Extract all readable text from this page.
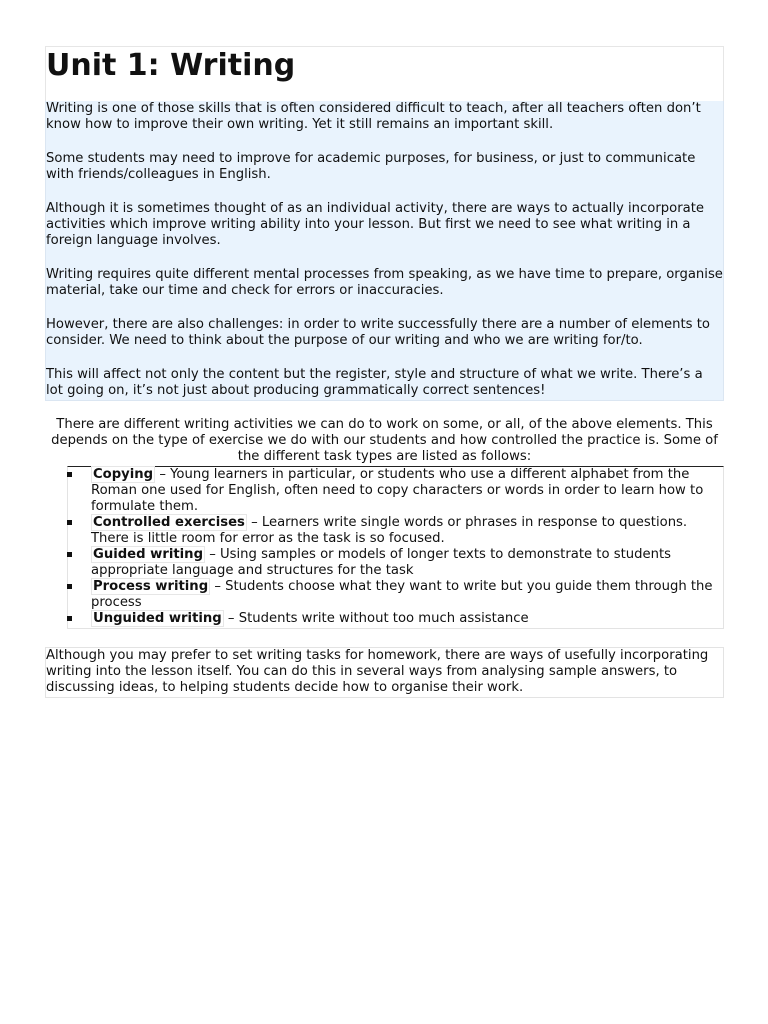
Unit 1: Writing

Writing is one of those skills that is often considered difficult to teach, after all teachers often don’t know how to improve their own writing. Yet it still remains an important skill.

Some students may need to improve for academic purposes, for business, or just to communicate with friends/colleagues in English.

Although it is sometimes thought of as an individual activity, there are ways to actually incorporate activities which improve writing ability into your lesson. But first we need to see what writing in a foreign language involves.

Writing requires quite different mental processes from speaking, as we have time to prepare, organise material, take our time and check for errors or inaccuracies.

However, there are also challenges: in order to write successfully there are a number of elements to consider. We need to think about the purpose of our writing and who we are writing for/to.

This will affect not only the content but the register, style and structure of what we write. There’s a lot going on, it’s not just about producing grammatically correct sentences!

There are different writing activities we can do to work on some, or all, of the above elements. This depends on the type of exercise we do with our students and how controlled the practice is. Some of the different task types are listed as follows:

Copying – Young learners in particular, or students who use a different alphabet from the Roman one used for English, often need to copy characters or words in order to learn how to formulate them.
Controlled exercises – Learners write single words or phrases in response to questions. There is little room for error as the task is so focused.
Guided writing – Using samples or models of longer texts to demonstrate to students appropriate language and structures for the task
Process writing – Students choose what they want to write but you guide them through the process
Unguided writing – Students write without too much assistance
Although you may prefer to set writing tasks for homework, there are ways of usefully incorporating writing into the lesson itself. You can do this in several ways from analysing sample answers, to discussing ideas, to helping students decide how to organise their work.
